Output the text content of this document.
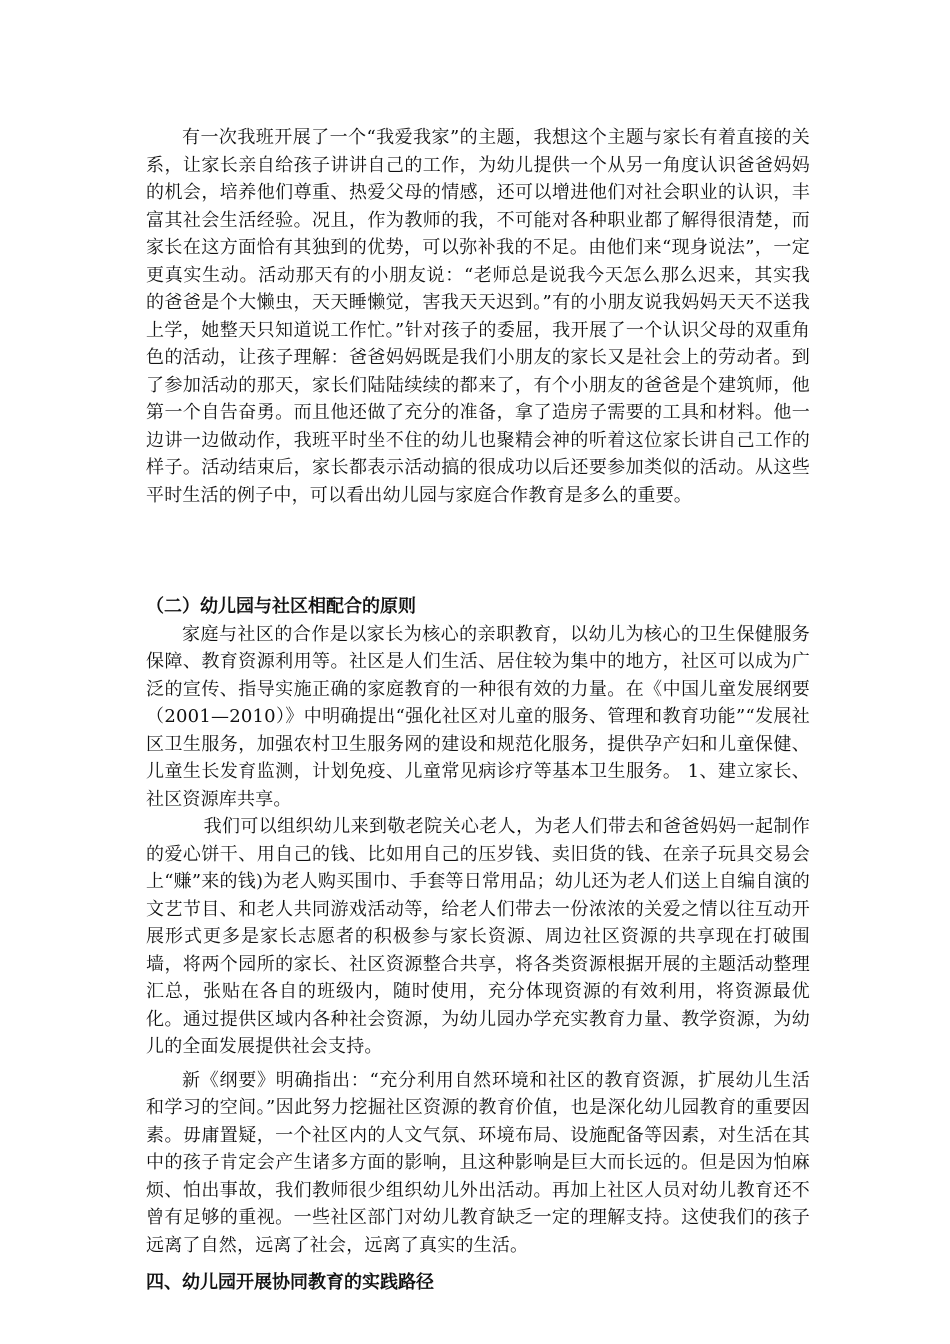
有一次我班开展了一个“我爱我家”的主题，我想这个主题与家长有着直接的关系，让家长亲自给孩子讲讲自己的工作，为幼儿提供一个从另一角度认识爸爸妈妈的机会，培养他们尊重、热爱父母的情感，还可以增进他们对社会职业的认识，丰富其社会生活经验。况且，作为教师的我，不可能对各种职业都了解得很清楚，而家长在这方面恰有其独到的优势，可以弥补我的不足。由他们来“现身说法”，一定更真实生动。活动那天有的小朋友说：“老师总是说我今天怎么那么迟来，其实我的爸爸是个大懒虫，天天睡懒觉，害我天天迟到。”有的小朋友说我妈妈天天不送我上学，她整天只知道说工作忙。”针对孩子的委屈，我开展了一个认识父母的双重角色的活动，让孩子理解：爸爸妈妈既是我们小朋友的家长又是社会上的劳动者。到了参加活动的那天，家长们陆陆续续的都来了，有个小朋友的爸爸是个建筑师，他第一个自告奋勇。而且他还做了充分的准备，拿了造房子需要的工具和材料。他一边讲一边做动作，我班平时坐不住的幼儿也聚精会神的听着这位家长讲自己工作的样子。活动结束后，家长都表示活动搞的很成功以后还要参加类似的活动。从这些平时生活的例子中，可以看出幼儿园与家庭合作教育是多么的重要。

（二）幼儿园与社区相配合的原则

家庭与社区的合作是以家长为核心的亲职教育，以幼儿为核心的卫生保健服务保障、教育资源利用等。社区是人们生活、居住较为集中的地方，社区可以成为广泛的宣传、指导实施正确的家庭教育的一种很有效的力量。在《中国儿童发展纲要（2001—2010）》中明确提出“强化社区对儿童的服务、管理和教育功能”“发展社区卫生服务，加强农村卫生服务网的建设和规范化服务，提供孕产妇和儿童保健、儿童生长发育监测，计划免疫、儿童常见病诊疗等基本卫生服务。 1、建立家长、社区资源库共享。

我们可以组织幼儿来到敬老院关心老人，为老人们带去和爸爸妈妈一起制作的爱心饼干、用自己的钱、比如用自己的压岁钱、卖旧货的钱、在亲子玩具交易会上“赚”来的钱)为老人购买围巾、手套等日常用品；幼儿还为老人们送上自编自演的文艺节目、和老人共同游戏活动等，给老人们带去一份浓浓的关爱之情以往互动开展形式更多是家长志愿者的积极参与家长资源、周边社区资源的共享现在打破围墙，将两个园所的家长、社区资源整合共享，将各类资源根据开展的主题活动整理汇总，张贴在各自的班级内，随时使用，充分体现资源的有效利用，将资源最优化。通过提供区域内各种社会资源，为幼儿园办学充实教育力量、教学资源，为幼儿的全面发展提供社会支持。

新《纲要》明确指出：“充分利用自然环境和社区的教育资源，扩展幼儿生活和学习的空间。”因此努力挖掘社区资源的教育价值，也是深化幼儿园教育的重要因素。毋庸置疑，一个社区内的人文气氛、环境布局、设施配备等因素，对生活在其中的孩子肯定会产生诸多方面的影响，且这种影响是巨大而长远的。但是因为怕麻烦、怕出事故，我们教师很少组织幼儿外出活动。再加上社区人员对幼儿教育还不曾有足够的重视。一些社区部门对幼儿教育缺乏一定的理解支持。这使我们的孩子远离了自然，远离了社会，远离了真实的生活。

四、幼儿园开展协同教育的实践路径
